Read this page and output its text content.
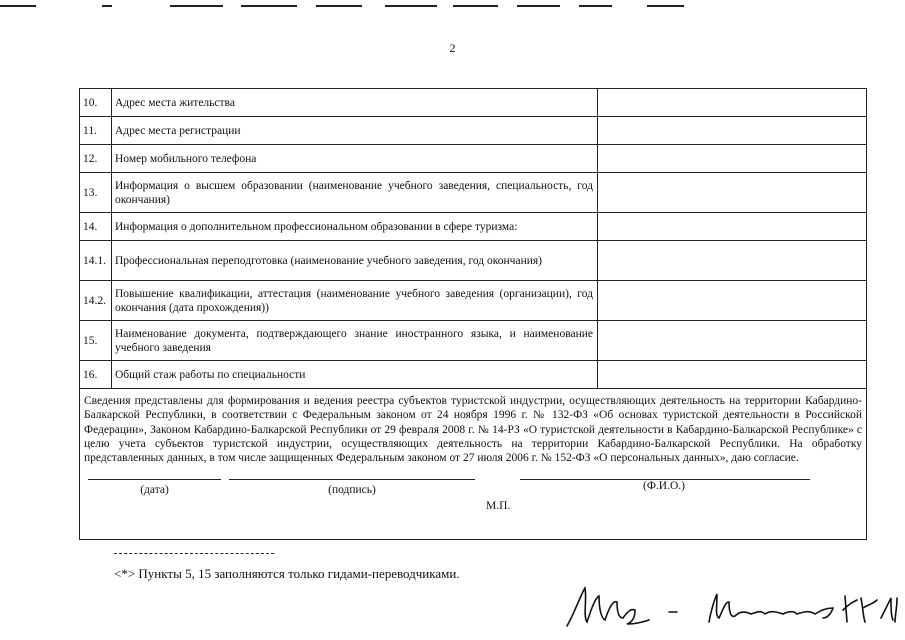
2
10.	Адрес места жительства	
11.	Адрес места регистрации	
12.	Номер мобильного телефона	
13.	Информация о высшем образовании (наименование учебного заведения, специальность, год окончания)	
14.	Информация о дополнительном профессиональном образовании в сфере туризма:	
14.1.	Профессиональная переподготовка (наименование учебного заведения, год окончания)	
14.2.	Повышение квалификации, аттестация (наименование учебного заведения (организации), год окончания (дата прохождения))	
15.	Наименование документа, подтверждающего знание иностранного языка, и наименование учебного заведения	
16.	Общий стаж работы по специальности	

Сведения представлены для формирования и ведения реестра субъектов туристской индустрии, осуществляющих деятельность на территории Кабардино-Балкарской Республики, в соответствии с Федеральным законом от 24 ноября 1996 г. № 132-ФЗ «Об основах туристской деятельности в Российской Федерации», Законом Кабардино-Балкарской Республики от 29 февраля 2008 г. № 14-РЗ «О туристской деятельности в Кабардино-Балкарской Республике» с целю учета субъектов туристской индустрии, осуществляющих деятельность на территории Кабардино-Балкарской Республики. На обработку представленных данных, в том числе защищенных Федеральным законом от 27 июля 2006 г. № 152-ФЗ «О персональных данных», даю согласие.
(дата) (подпись) (Ф.И.О.)
М.П.		
<*> Пункты 5, 15 заполняются только гидами-переводчиками.
